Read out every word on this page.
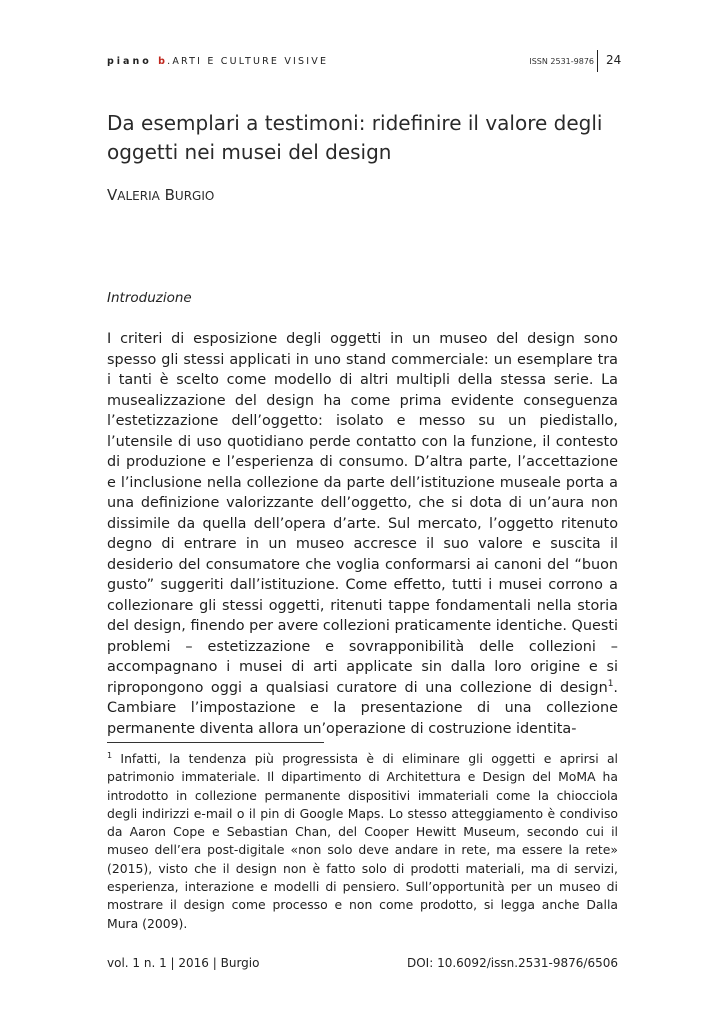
piano b.ARTI E CULTURE VISIVE	ISSN 2531-9876 24
Da esemplari a testimoni: ridefinire il valore degli oggetti nei musei del design
VALERIA BURGIO
Introduzione

I criteri di esposizione degli oggetti in un museo del design sono spesso gli stessi applicati in uno stand commerciale: un esemplare tra i tanti è scelto come modello di altri multipli della stessa serie. La musealizzazione del design ha come prima evidente conseguenza l’estetizzazione dell’oggetto: isolato e messo su un piedistallo, l’utensile di uso quotidiano perde contatto con la funzione, il contesto di produzione e l’esperienza di consumo. D’altra parte, l’accettazione e l’inclusione nella collezione da parte dell’istituzione museale porta a una definizione valorizzante dell’oggetto, che si dota di un’aura non dissimile da quella dell’opera d’arte. Sul mercato, l’oggetto ritenuto degno di entrare in un museo accresce il suo valore e suscita il desiderio del consumatore che voglia conformarsi ai canoni del “buon gusto” suggeriti dall’istituzione. Come effetto, tutti i musei corrono a collezionare gli stessi oggetti, ritenuti tappe fondamentali nella storia del design, finendo per avere collezioni praticamente identiche. Questi problemi – estetizzazione e sovrapponibilità delle collezioni – accompagnano i musei di arti applicate sin dalla loro origine e si ripropongono oggi a qualsiasi curatore di una collezione di design$^1$. Cambiare l’impostazione e la presentazione di una collezione permanente diventa allora un’operazione di costruzione identita-

$^1$ Infatti, la tendenza più progressista è di eliminare gli oggetti e aprirsi al patrimonio immateriale. Il dipartimento di Architettura e Design del MoMA ha introdotto in collezione permanente dispositivi immateriali come la chiocciola degli indirizzi e-mail o il pin di Google Maps. Lo stesso atteggiamento è condiviso da Aaron Cope e Sebastian Chan, del Cooper Hewitt Museum, secondo cui il museo dell’era post-digitale «non solo deve andare in rete, ma essere la rete» (2015), visto che il design non è fatto solo di prodotti materiali, ma di servizi, esperienza, interazione e modelli di pensiero. Sull’opportunità per un museo di mostrare il design come processo e non come prodotto, si legga anche Dalla Mura (2009).

vol. 1 n. 1 | 2016 | Burgio	DOI: 10.6092/issn.2531-9876/6506
